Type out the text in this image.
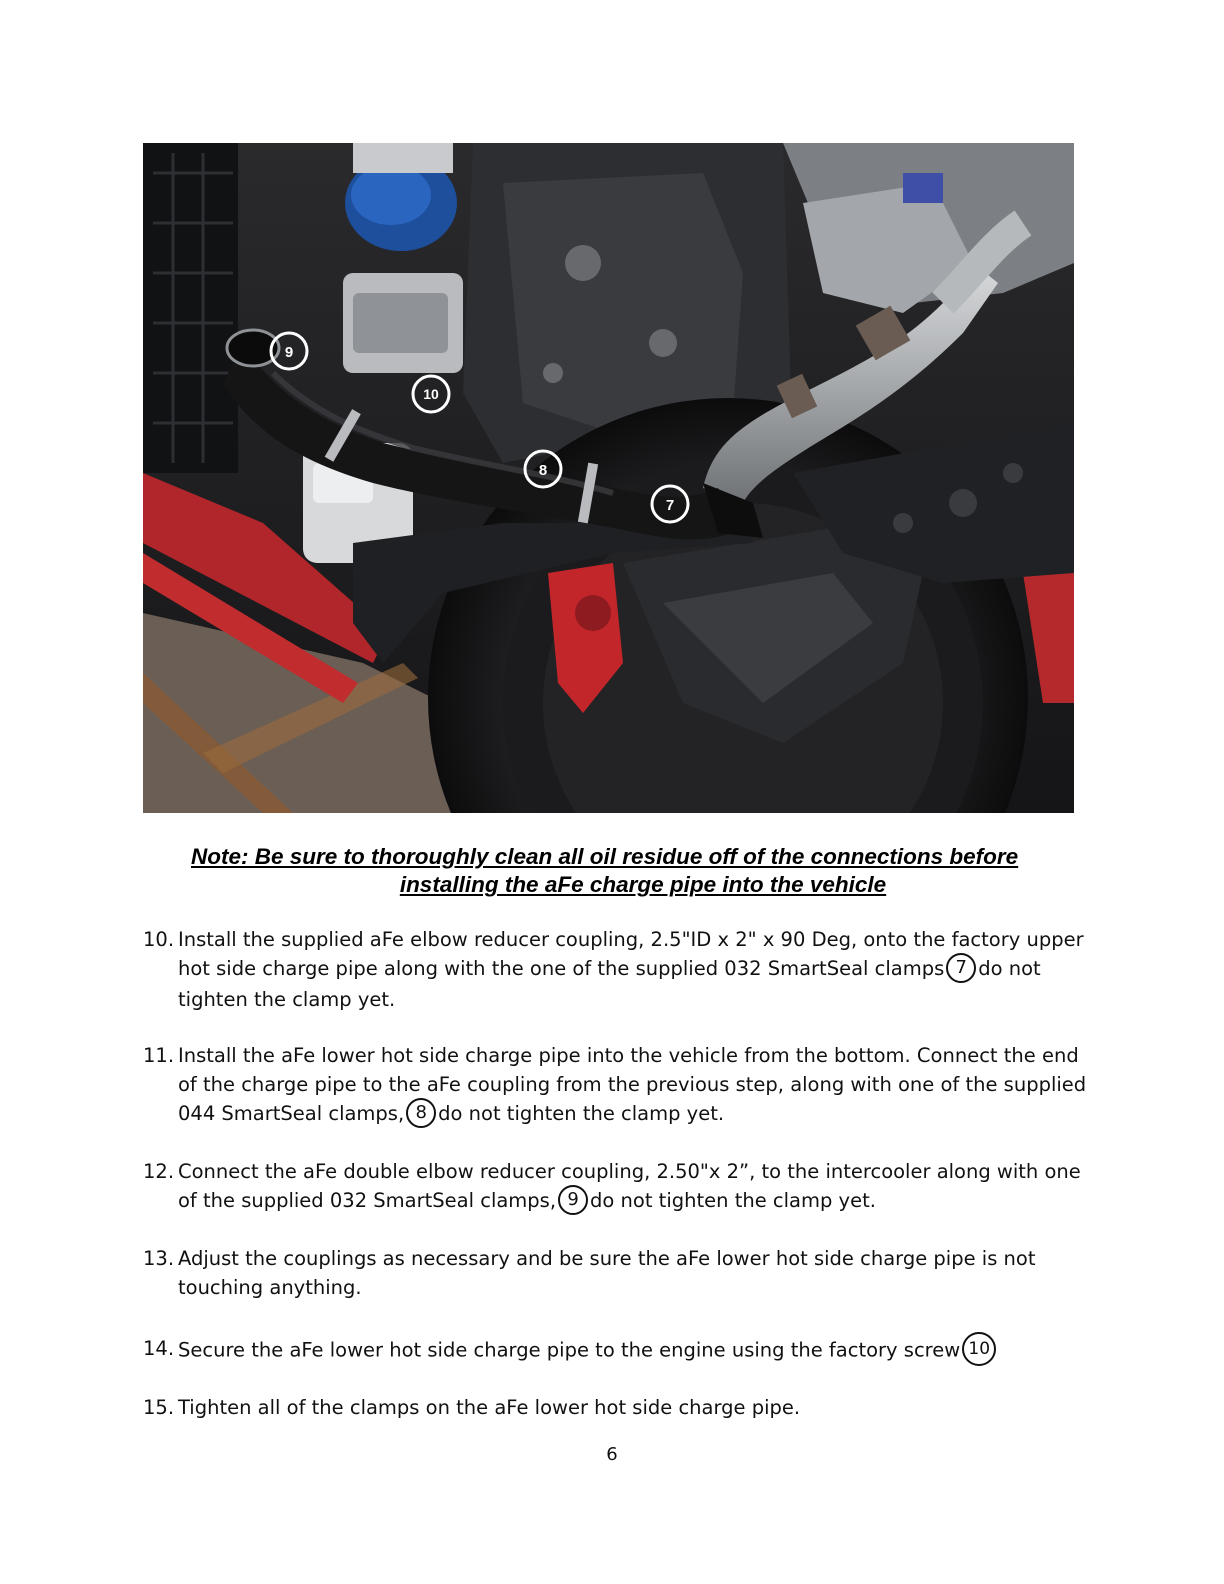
9
10
8
7
Note: Be sure to thoroughly clean all oil residue off of the connections before
installing the aFe charge pipe into the vehicle
10. Install the supplied aFe elbow reducer coupling, 2.5"ID x 2" x 90 Deg, onto the factory upper hot side charge pipe along with the one of the supplied 032 SmartSeal clamps 7 do not tighten the clamp yet.
11. Install the aFe lower hot side charge pipe into the vehicle from the bottom. Connect the end of the charge pipe to the aFe coupling from the previous step, along with one of the supplied 044 SmartSeal clamps, 8 do not tighten the clamp yet.
12. Connect the aFe double elbow reducer coupling, 2.50"x 2”, to the intercooler along with one of the supplied 032 SmartSeal clamps, 9 do not tighten the clamp yet.
13. Adjust the couplings as necessary and be sure the aFe lower hot side charge pipe is not touching anything.
14. Secure the aFe lower hot side charge pipe to the engine using the factory screw 10
15. Tighten all of the clamps on the aFe lower hot side charge pipe.
6
